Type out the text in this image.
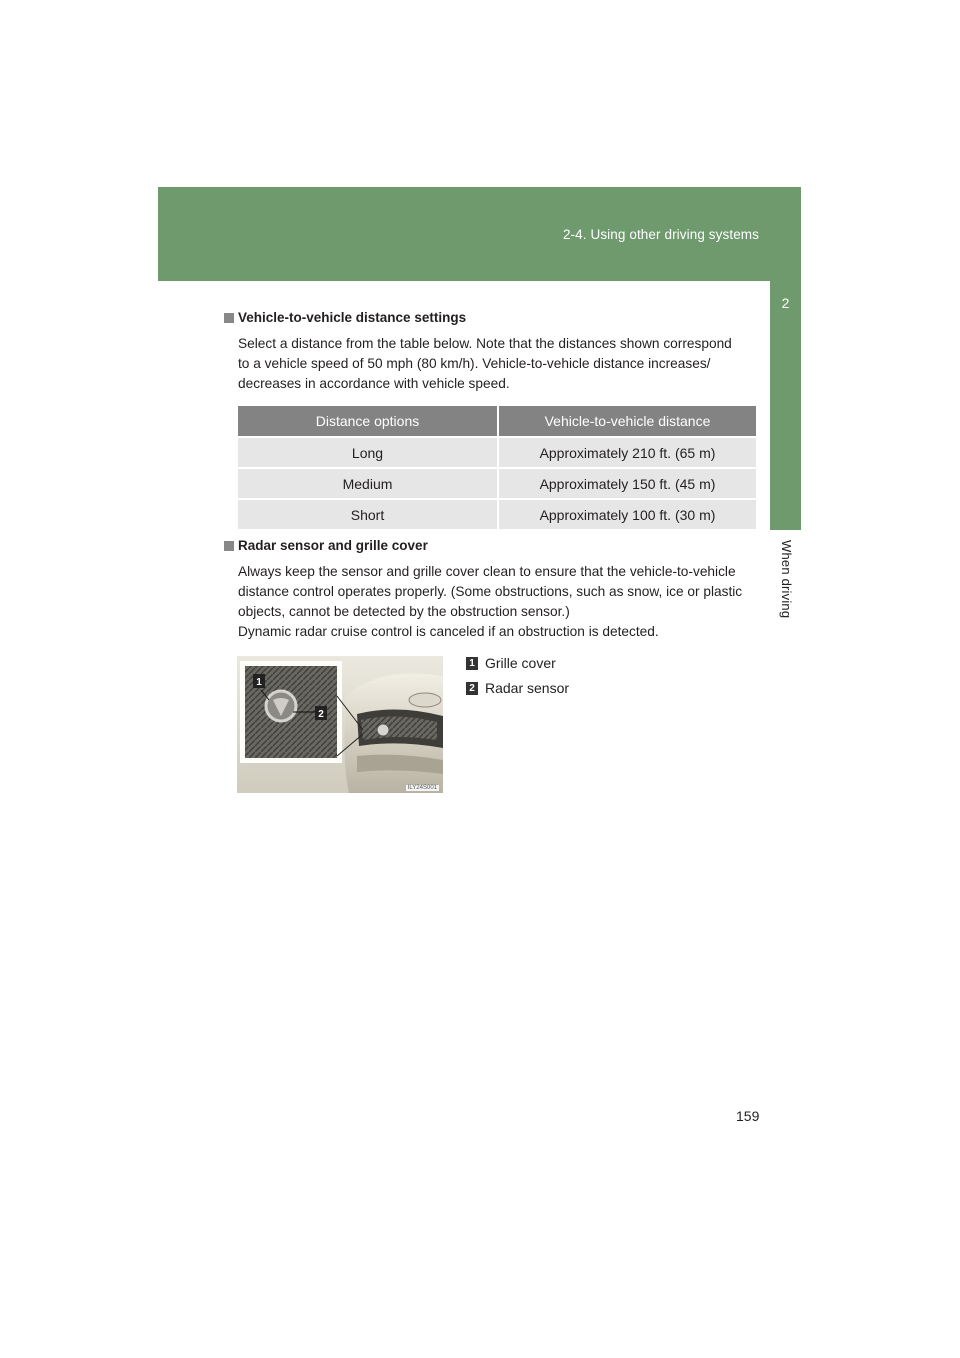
2-4. Using other driving systems
2
When driving
Vehicle-to-vehicle distance settings
Select a distance from the table below. Note that the distances shown correspond
to a vehicle speed of 50 mph (80 km/h). Vehicle-to-vehicle distance increases/
decreases in accordance with vehicle speed.
Distance options	Vehicle-to-vehicle distance
Long	Approximately 210 ft. (65 m)
Medium	Approximately 150 ft. (45 m)
Short	Approximately 100 ft. (30 m)
Radar sensor and grille cover
Always keep the sensor and grille cover clean to ensure that the vehicle-to-vehicle
distance control operates properly. (Some obstructions, such as snow, ice or plastic
objects, cannot be detected by the obstruction sensor.)
Dynamic radar cruise control is canceled if an obstruction is detected.
1
2
ILY24S001
1 Grille cover
2 Radar sensor
159
